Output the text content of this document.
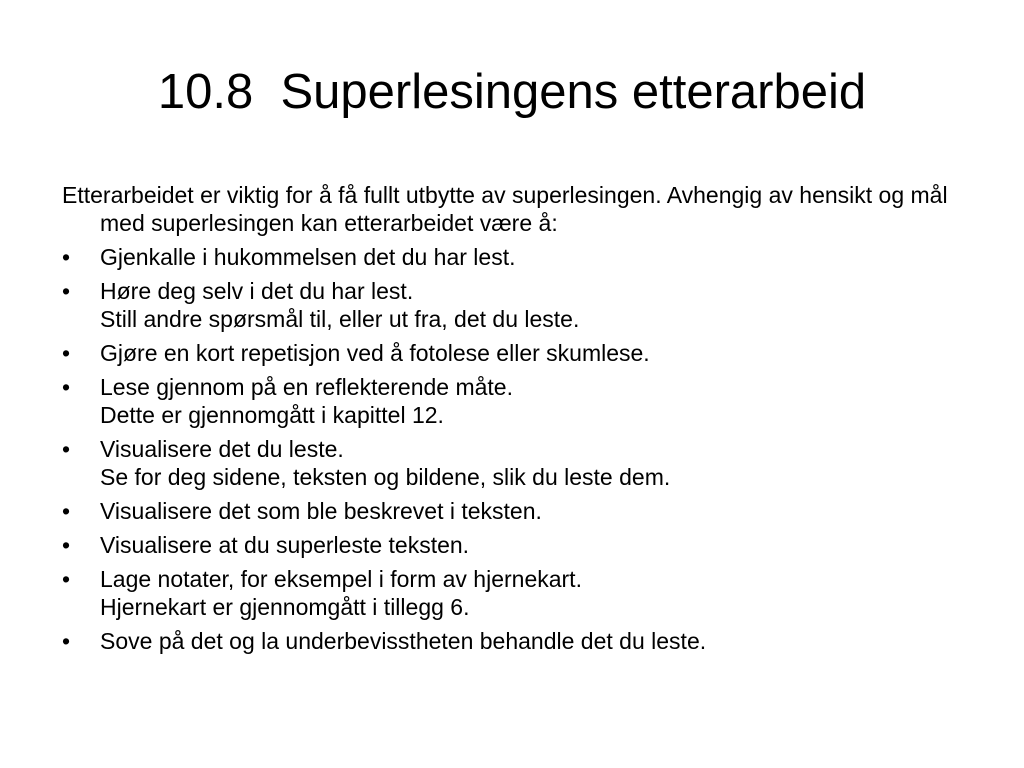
10.8  Superlesingens etterarbeid

Etterarbeidet er viktig for å få fullt utbytte av superlesingen. Avhengig av hensikt og mål med superlesingen kan etterarbeidet være å:

•	Gjenkalle i hukommelsen det du har lest.
•	Høre deg selv i det du har lest.
Still andre spørsmål til, eller ut fra, det du leste.
•	Gjøre en kort repetisjon ved å fotolese eller skumlese.
•	Lese gjennom på en reflekterende måte.
Dette er gjennomgått i kapittel 12.
•	Visualisere det du leste.
Se for deg sidene, teksten og bildene, slik du leste dem.
•	Visualisere det som ble beskrevet i teksten.
•	Visualisere at du superleste teksten.
•	Lage notater, for eksempel i form av hjernekart.
Hjernekart er gjennomgått i tillegg 6.
•	Sove på det og la underbevisstheten behandle det du leste.
